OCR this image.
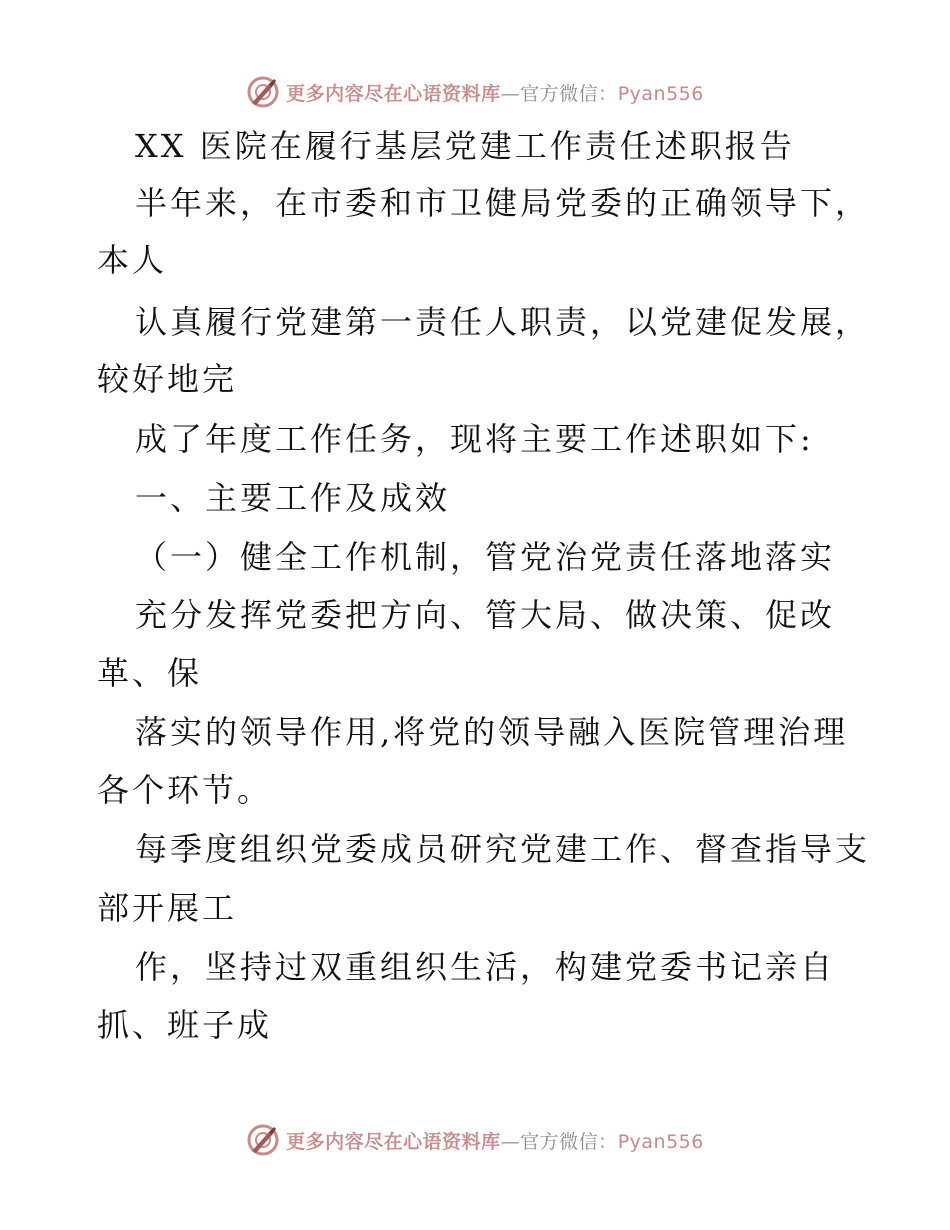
更多内容尽在心语资料库—官方微信：Pyan556
XX 医院在履行基层党建工作责任述职报告
半年来，在市委和市卫健局党委的正确领导下，
本人
认真履行党建第一责任人职责，以党建促发展，
较好地完
成了年度工作任务，现将主要工作述职如下:
一、主要工作及成效
（一）健全工作机制，管党治党责任落地落实
充分发挥党委把方向、管大局、做决策、促改
革、保
落实的领导作用,将党的领导融入医院管理治理
各个环节。
每季度组织党委成员研究党建工作、督查指导支
部开展工
作，坚持过双重组织生活，构建党委书记亲自
抓、班子成
更多内容尽在心语资料库—官方微信：Pyan556
